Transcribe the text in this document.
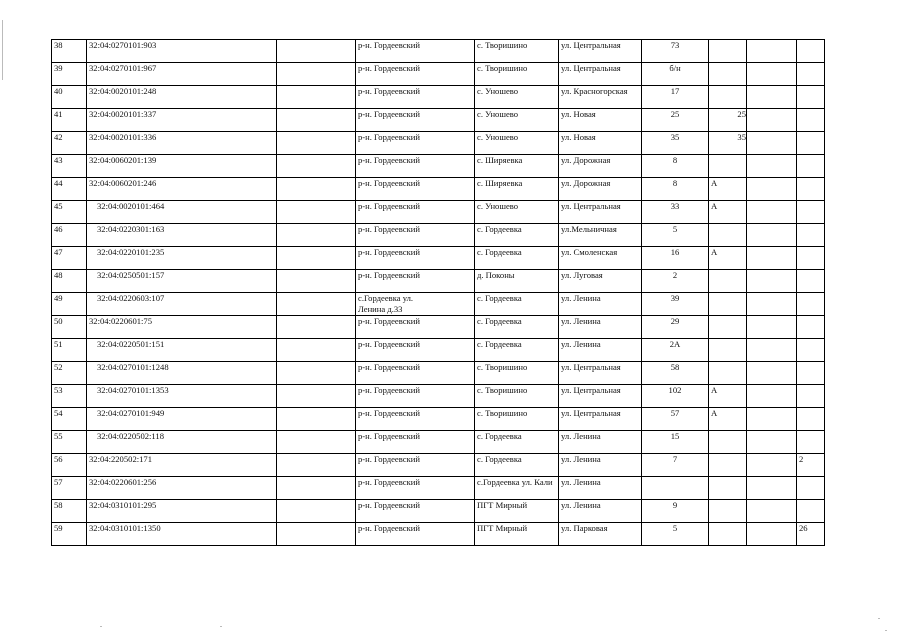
38	32:04:0270101:903		р-н. Гордеевский	с. Творишино	ул. Центральная	73			
39	32:04:0270101:967		р-н. Гордеевский	с. Творишино	ул. Центральная	б/н			
40	32:04:0020101:248		р-н. Гордеевский	с. Уношево	ул. Красногорская	17			
41	32:04:0020101:337		р-н. Гордеевский	с. Уношево	ул. Новая	25	25		
42	32:04:0020101:336		р-н. Гордеевский	с. Уношево	ул. Новая	35	35		
43	32:04:0060201:139		р-н. Гордеевский	с. Ширяевка	ул. Дорожная	8			
44	32:04:0060201:246		р-н. Гордеевский	с. Ширяевка	ул. Дорожная	8	А		
45	32:04:0020101:464		р-н. Гордеевский	с. Уношево	ул. Центральная	33	А		
46	32:04:0220301:163		р-н. Гордеевский	с. Гордеевка	ул.Мельничная	5			
47	32:04:0220101:235		р-н. Гордеевский	с. Гордеевка	ул. Смоленская	16	А		
48	32:04:0250501:157		р-н. Гордеевский	д. Поконы	ул. Луговая	2			
49	32:04:0220603:107		с.Гордеевка ул.
Ленина д.33	с. Гордеевка	ул. Ленина	39			
50	32:04:0220601:75		р-н. Гордеевский	с. Гордеевка	ул. Ленина	29			
51	32:04:0220501:151		р-н. Гордеевский	с. Гордеевка	ул. Ленина	2А			
52	32:04:0270101:1248		р-н. Гордеевский	с. Творишино	ул. Центральная	58			
53	32:04:0270101:1353		р-н. Гордеевский	с. Творишино	ул. Центральная	102	А		
54	32:04:0270101:949		р-н. Гордеевский	с. Творишино	ул. Центральная	57	А		
55	32:04:0220502:118		р-н. Гордеевский	с. Гордеевка	ул. Ленина	15			
56	32:04:220502:171		р-н. Гордеевский	с. Гордеевка	ул. Ленина	7			2
57	32:04:0220601:256		р-н. Гордеевский	с.Гордеевка ул. Кали	ул. Ленина				
58	32:04:0310101:295		р-н. Гордеевский	ПГТ Мирный	ул. Ленина	9			
59	32:04:0310101:1350		р-н. Гордеевский	ПГТ Мирный	ул. Парковая	5			26
